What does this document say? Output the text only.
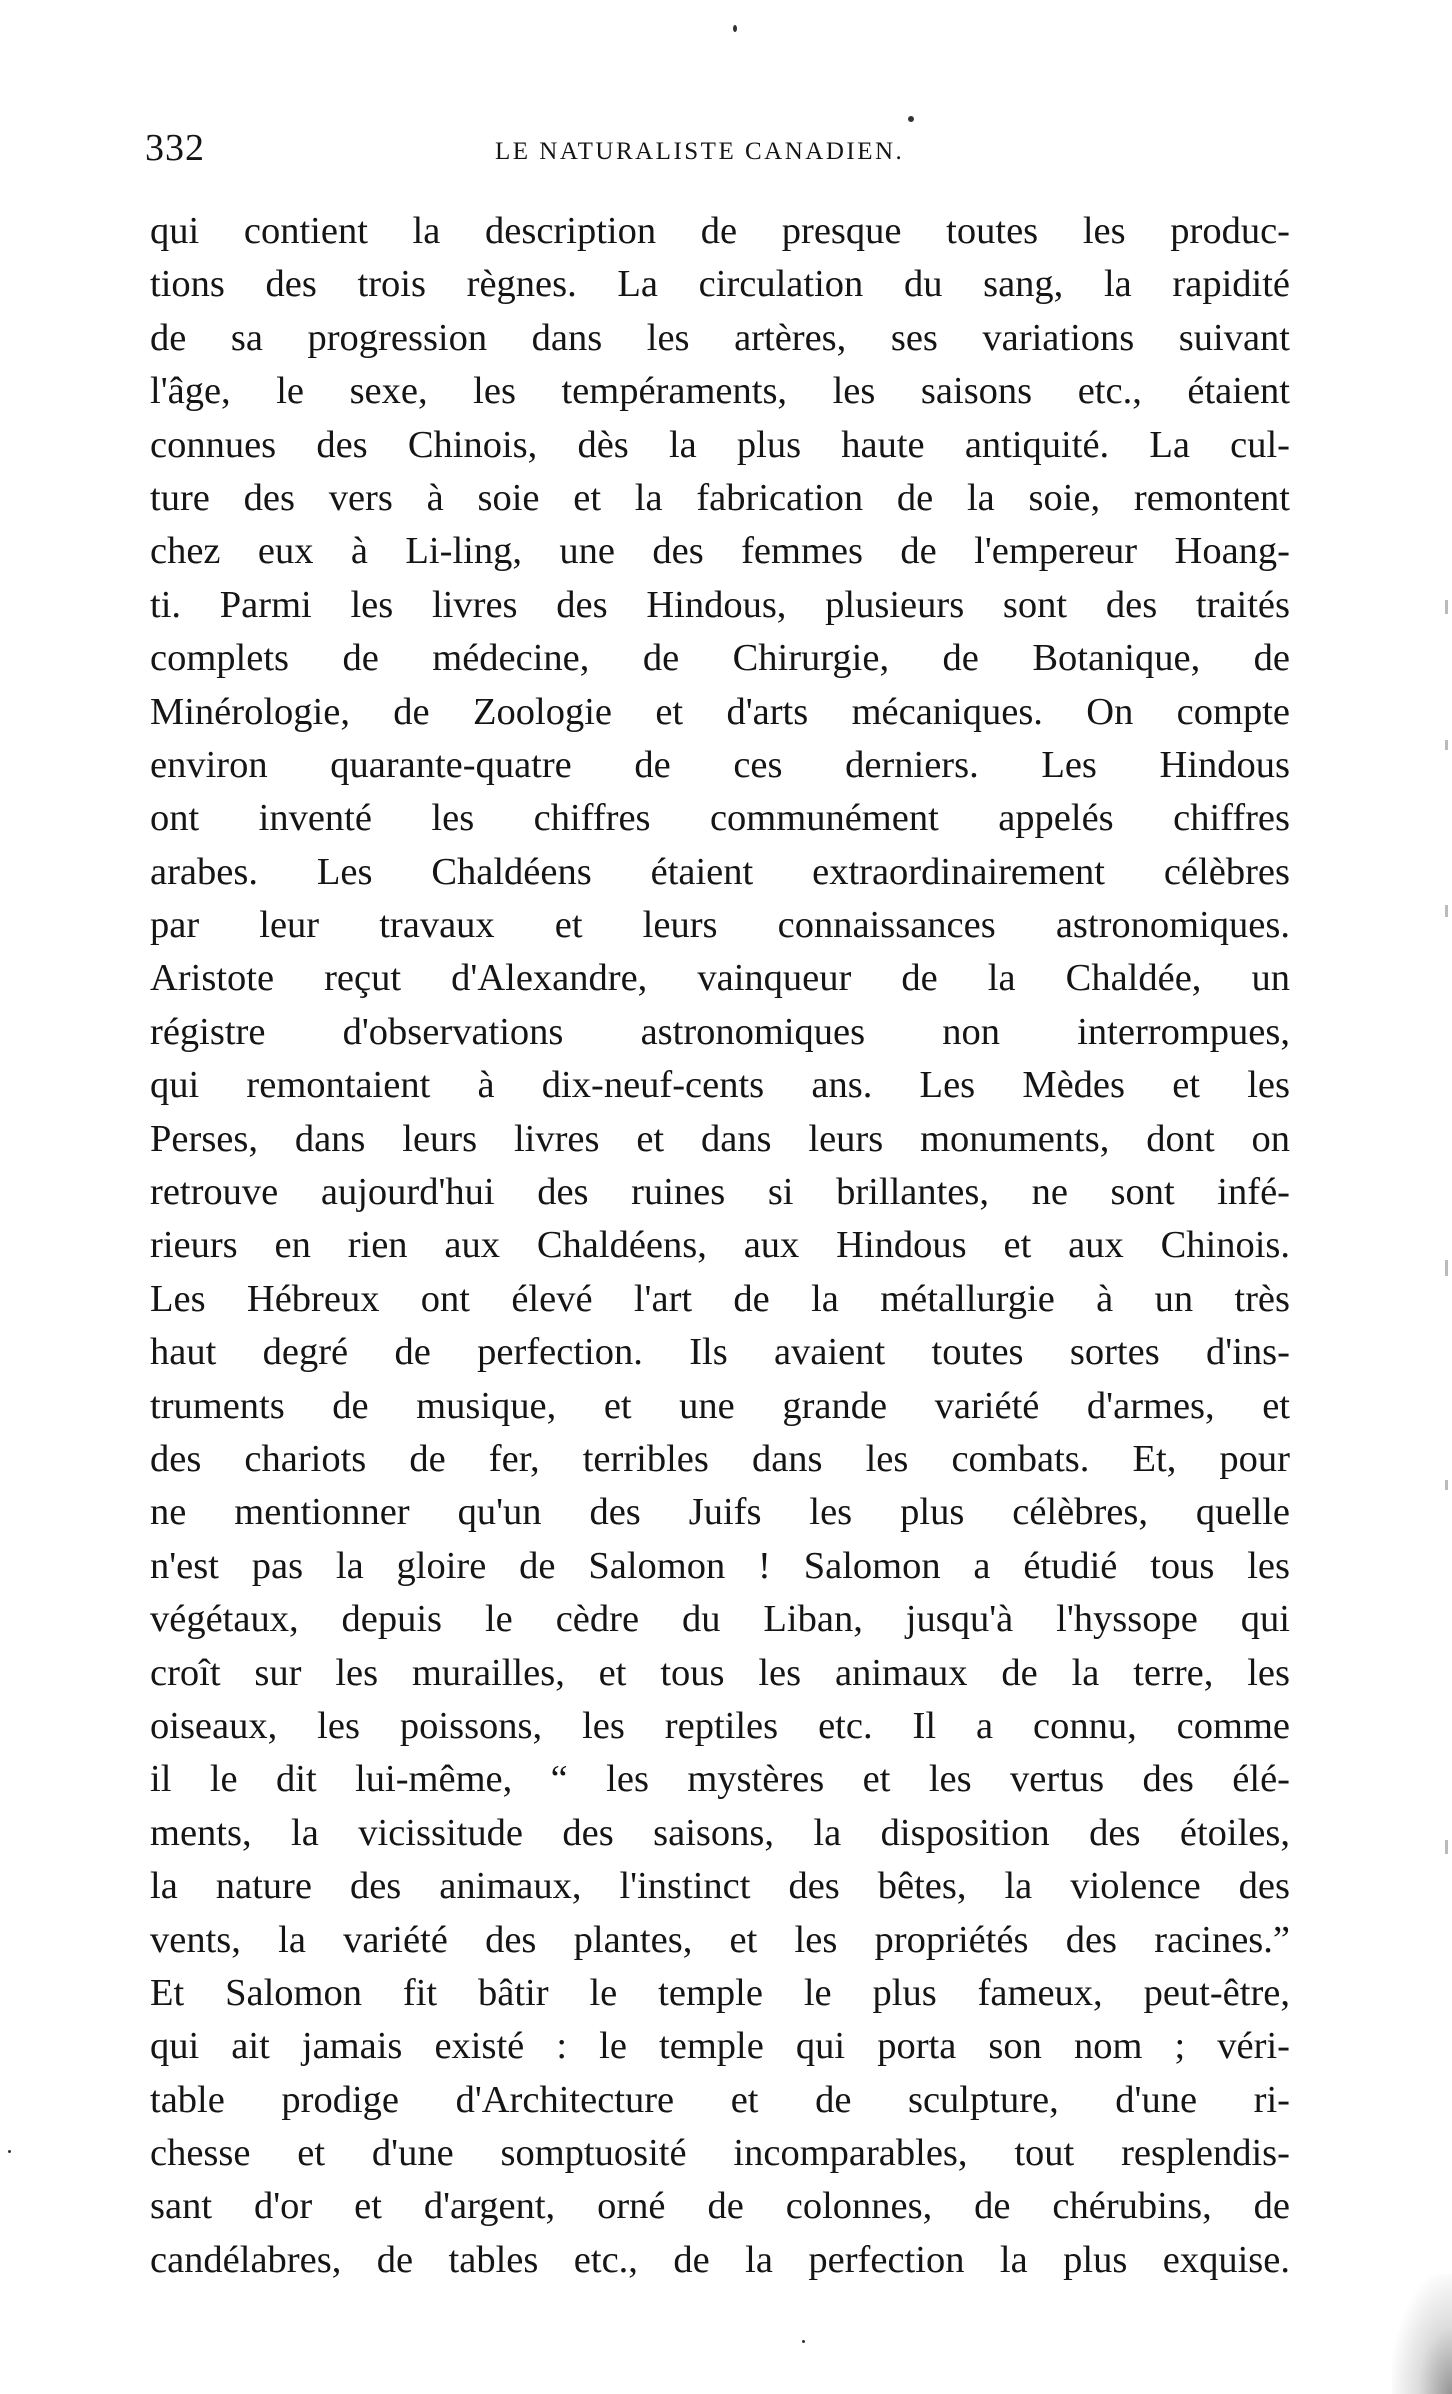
332	LE NATURALISTE CANADIEN.
qui contient la description de presque toutes les produc-
tions des trois règnes. La circulation du sang, la rapidité
de sa progression dans les artères, ses variations suivant
l'âge, le sexe, les tempéraments, les saisons etc., étaient
connues des Chinois, dès la plus haute antiquité. La cul-
ture des vers à soie et la fabrication de la soie, remontent
chez eux à Li-ling, une des femmes de l'empereur Hoang-
ti. Parmi les livres des Hindous, plusieurs sont des traités
complets de médecine, de Chirurgie, de Botanique, de
Minérologie, de Zoologie et d'arts mécaniques. On compte
environ quarante-quatre de ces derniers. Les Hindous
ont inventé les chiffres communément appelés chiffres
arabes. Les Chaldéens étaient extraordinairement célèbres
par leur travaux et leurs connaissances astronomiques.
Aristote reçut d'Alexandre, vainqueur de la Chaldée, un
régistre d'observations astronomiques non interrompues,
qui remontaient à dix-neuf-cents ans. Les Mèdes et les
Perses, dans leurs livres et dans leurs monuments, dont on
retrouve aujourd'hui des ruines si brillantes, ne sont infé-
rieurs en rien aux Chaldéens, aux Hindous et aux Chinois.
Les Hébreux ont élevé l'art de la métallurgie à un très
haut degré de perfection. Ils avaient toutes sortes d'ins-
truments de musique, et une grande variété d'armes, et
des chariots de fer, terribles dans les combats. Et, pour
ne mentionner qu'un des Juifs les plus célèbres, quelle
n'est pas la gloire de Salomon ! Salomon a étudié tous les
végétaux, depuis le cèdre du Liban, jusqu'à l'hyssope qui
croît sur les murailles, et tous les animaux de la terre, les
oiseaux, les poissons, les reptiles etc. Il a connu, comme
il le dit lui-même, “ les mystères et les vertus des élé-
ments, la vicissitude des saisons, la disposition des étoiles,
la nature des animaux, l'instinct des bêtes, la violence des
vents, la variété des plantes, et les propriétés des racines.”
Et Salomon fit bâtir le temple le plus fameux, peut-être,
qui ait jamais existé : le temple qui porta son nom ; véri-
table prodige d'Architecture et de sculpture, d'une ri-
chesse et d'une somptuosité incomparables, tout resplendis-
sant d'or et d'argent, orné de colonnes, de chérubins, de
candélabres, de tables etc., de la perfection la plus exquise.
